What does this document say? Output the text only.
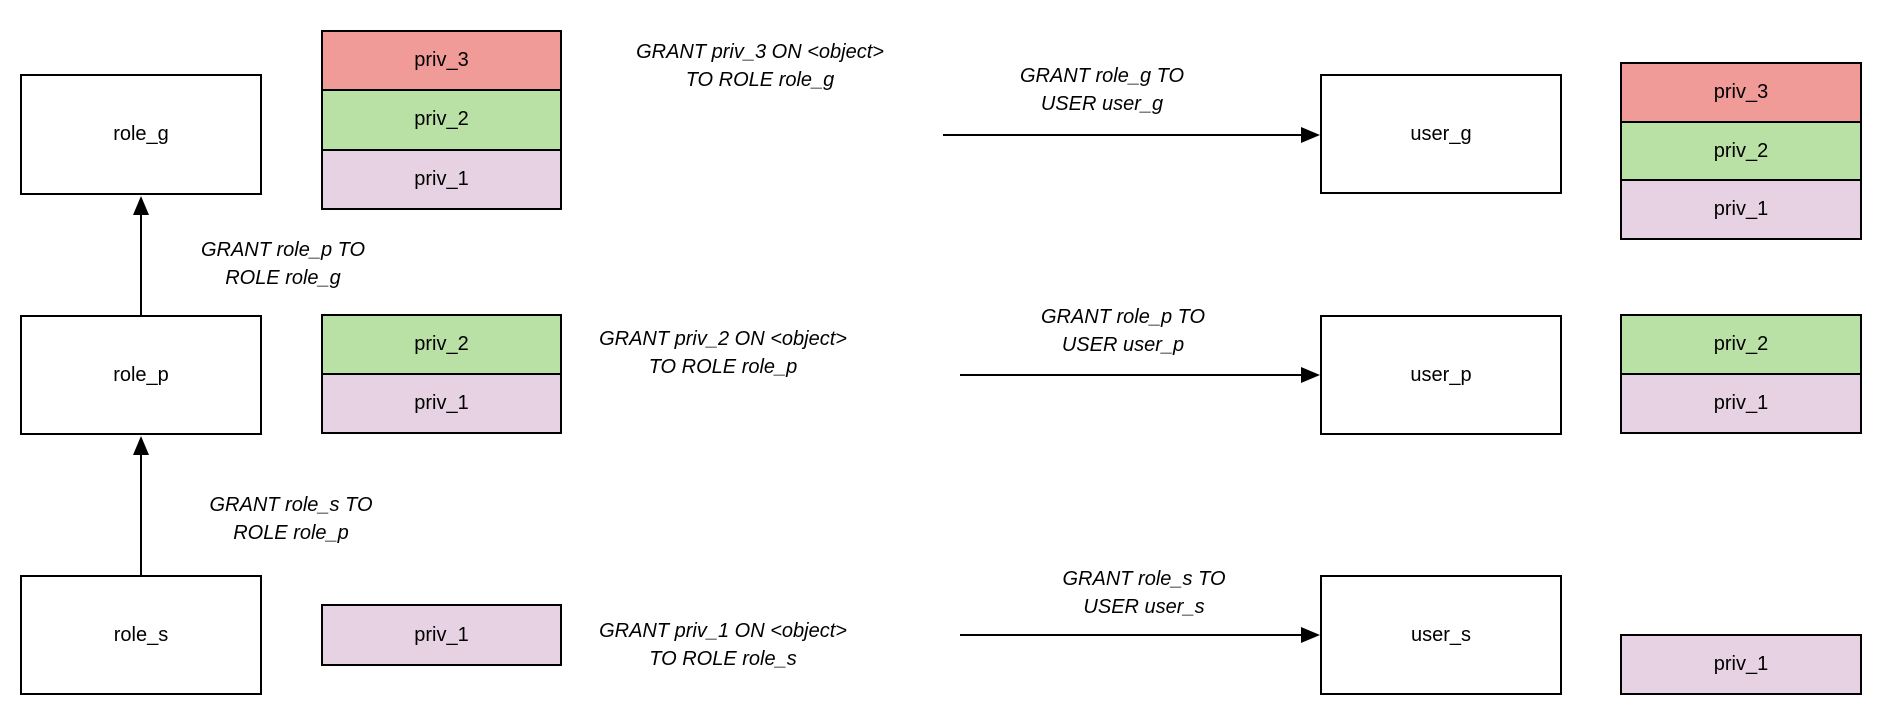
role_g
priv_3
priv_2
priv_1
GRANT priv_3 ON <object>
TO ROLE role_g	GRANT role_g TO
USER user_g
user_g
priv_3
priv_2
priv_1
GRANT role_p TO
ROLE role_g
role_p
priv_2
priv_1
GRANT priv_2 ON <object>
TO ROLE role_p
GRANT role_p TO
USER user_p
user_p
priv_2
priv_1
GRANT role_s TO
ROLE role_p
role_s	priv_1	GRANT priv_1 ON <object>
TO ROLE role_s
GRANT role_s TO
USER user_s
user_s
priv_1
